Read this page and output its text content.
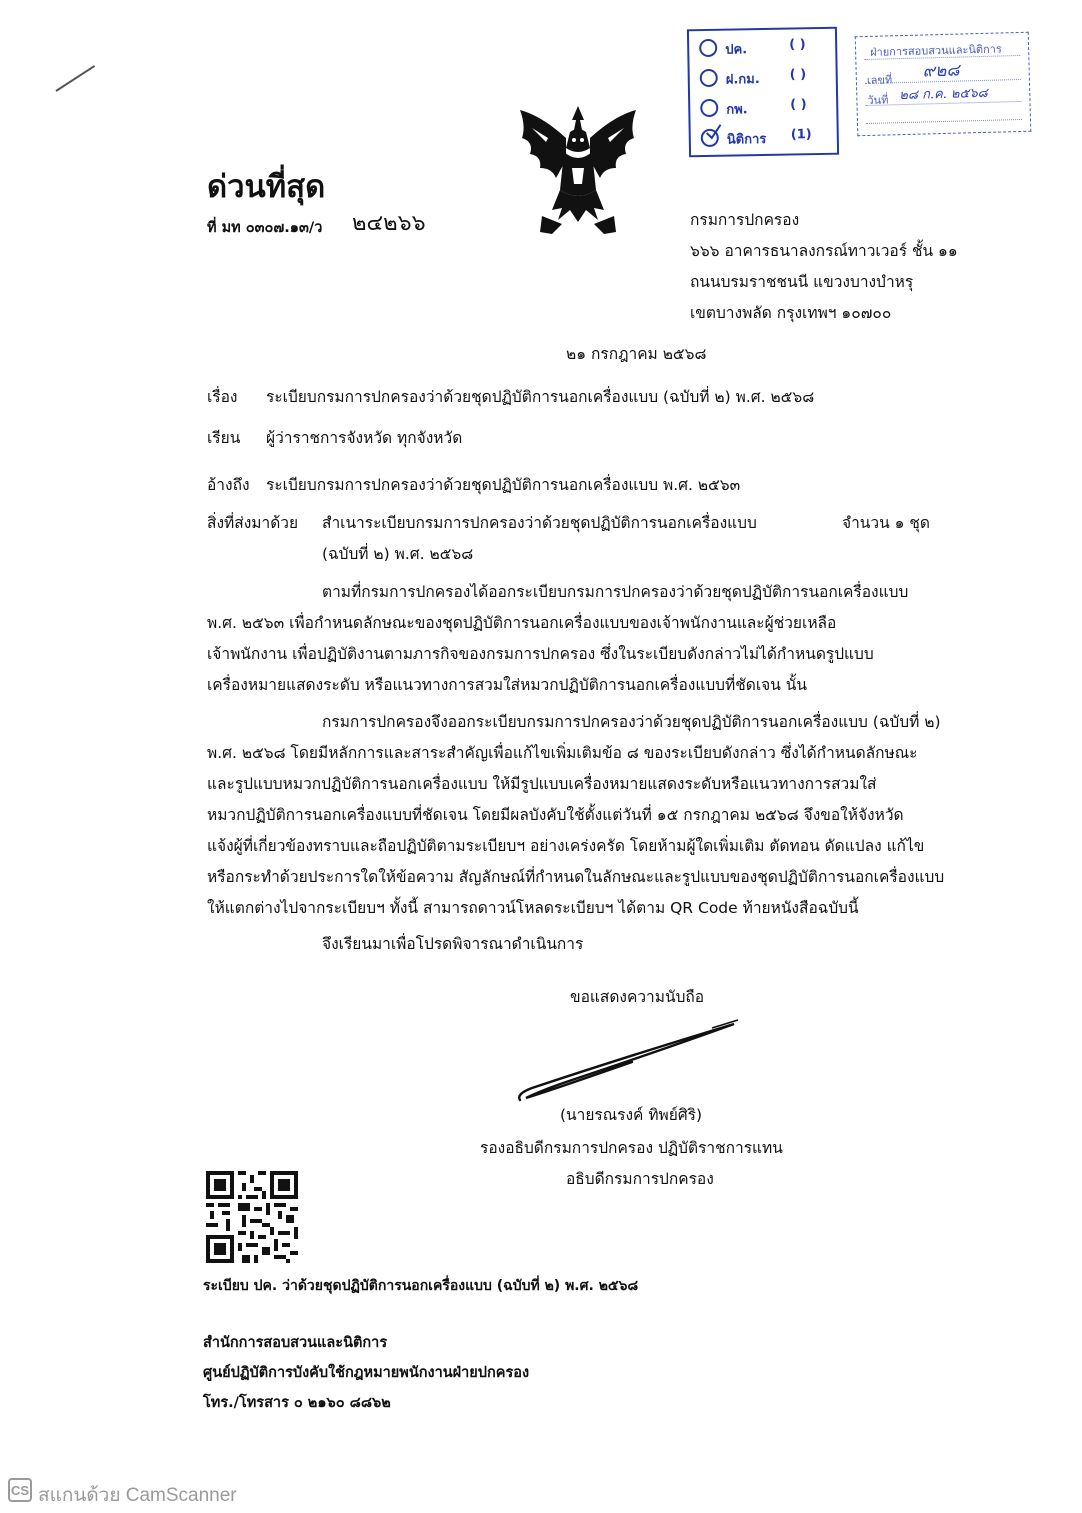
ปค.	( )
ฝ.กม. ( )
กพ.	( )
นิติการ (1)
ฝ่ายการสอบสวนและนิติการ
เลขที่ ๙๒๘
วันที่ ๒๘ ก.ค. ๒๕๖๘
ด่วนที่สุด
ที่ มท ๐๓๐๗.๑๓/ว ๒๔๒๖๖	กรมการปกครอง
๖๖๖ อาคารธนาลงกรณ์ทาวเวอร์ ชั้น ๑๑
ถนนบรมราชชนนี แขวงบางบำหรุ
เขตบางพลัด กรุงเทพฯ ๑๐๗๐๐
๒๑ กรกฎาคม ๒๕๖๘
เรื่อง ระเบียบกรมการปกครองว่าด้วยชุดปฏิบัติการนอกเครื่องแบบ (ฉบับที่ ๒) พ.ศ. ๒๕๖๘
เรียน ผู้ว่าราชการจังหวัด ทุกจังหวัด
อ้างถึง ระเบียบกรมการปกครองว่าด้วยชุดปฏิบัติการนอกเครื่องแบบ พ.ศ. ๒๕๖๓
สิ่งที่ส่งมาด้วย สำเนาระเบียบกรมการปกครองว่าด้วยชุดปฏิบัติการนอกเครื่องแบบ	จำนวน ๑ ชุด
(ฉบับที่ ๒) พ.ศ. ๒๕๖๘
ตามที่กรมการปกครองได้ออกระเบียบกรมการปกครองว่าด้วยชุดปฏิบัติการนอกเครื่องแบบ
พ.ศ. ๒๕๖๓ เพื่อกำหนดลักษณะของชุดปฏิบัติการนอกเครื่องแบบของเจ้าพนักงานและผู้ช่วยเหลือ
เจ้าพนักงาน เพื่อปฏิบัติงานตามภารกิจของกรมการปกครอง ซึ่งในระเบียบดังกล่าวไม่ได้กำหนดรูปแบบ
เครื่องหมายแสดงระดับ หรือแนวทางการสวมใส่หมวกปฏิบัติการนอกเครื่องแบบที่ชัดเจน นั้น
กรมการปกครองจึงออกระเบียบกรมการปกครองว่าด้วยชุดปฏิบัติการนอกเครื่องแบบ (ฉบับที่ ๒)
พ.ศ. ๒๕๖๘ โดยมีหลักการและสาระสำคัญเพื่อแก้ไขเพิ่มเติมข้อ ๘ ของระเบียบดังกล่าว ซึ่งได้กำหนดลักษณะ
และรูปแบบหมวกปฏิบัติการนอกเครื่องแบบ ให้มีรูปแบบเครื่องหมายแสดงระดับหรือแนวทางการสวมใส่
หมวกปฏิบัติการนอกเครื่องแบบที่ชัดเจน โดยมีผลบังคับใช้ตั้งแต่วันที่ ๑๕ กรกฎาคม ๒๕๖๘ จึงขอให้จังหวัด
แจ้งผู้ที่เกี่ยวข้องทราบและถือปฏิบัติตามระเบียบฯ อย่างเคร่งครัด โดยห้ามผู้ใดเพิ่มเติม ตัดทอน ดัดแปลง แก้ไข
หรือกระทำด้วยประการใดให้ข้อความ สัญลักษณ์ที่กำหนดในลักษณะและรูปแบบของชุดปฏิบัติการนอกเครื่องแบบ
ให้แตกต่างไปจากระเบียบฯ ทั้งนี้ สามารถดาวน์โหลดระเบียบฯ ได้ตาม QR Code ท้ายหนังสือฉบับนี้
จึงเรียนมาเพื่อโปรดพิจารณาดำเนินการ
ขอแสดงความนับถือ
(นายรณรงค์ ทิพย์ศิริ)
รองอธิบดีกรมการปกครอง ปฏิบัติราชการแทน
อธิบดีกรมการปกครอง
ระเบียบ ปค. ว่าด้วยชุดปฏิบัติการนอกเครื่องแบบ (ฉบับที่ ๒) พ.ศ. ๒๕๖๘
สำนักการสอบสวนและนิติการ
ศูนย์ปฏิบัติการบังคับใช้กฎหมายพนักงานฝ่ายปกครอง
โทร./โทรสาร ๐ ๒๑๖๐ ๘๘๖๒
CS สแกนด้วย CamScanner
